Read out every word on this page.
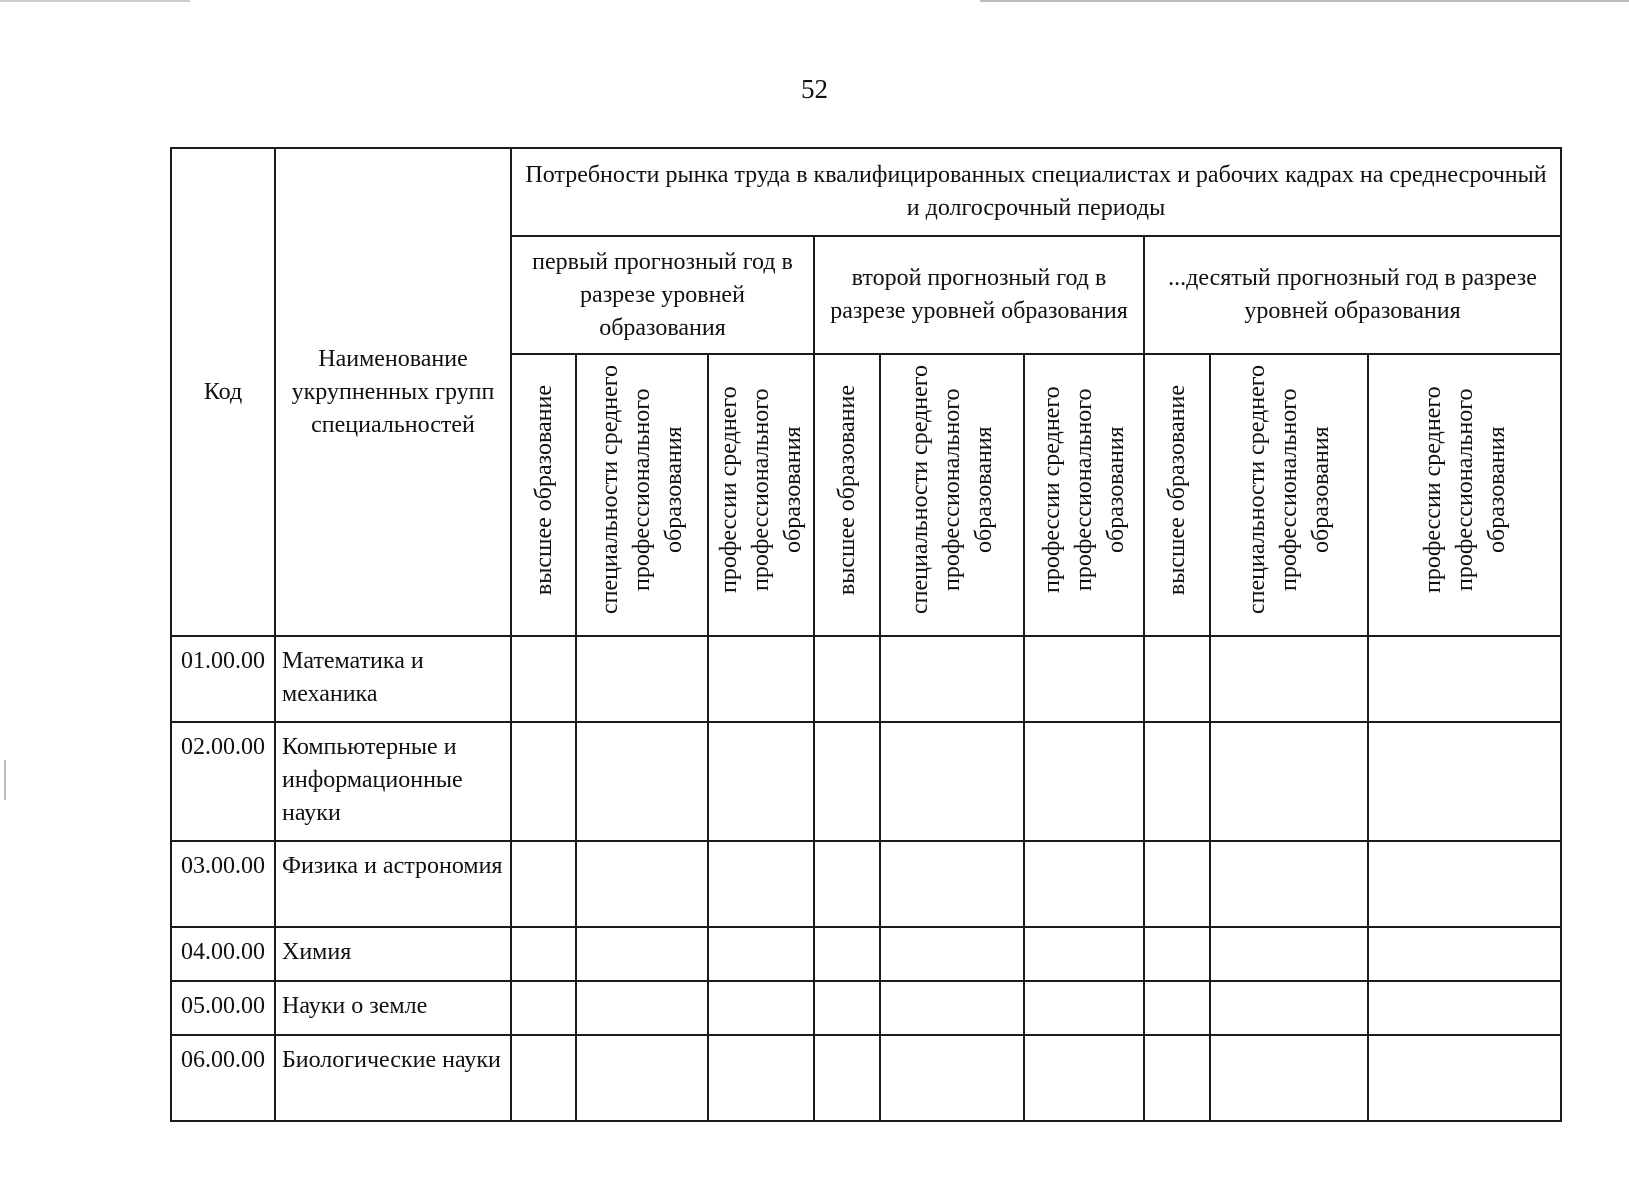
52
Код	Наименование укрупненных групп специальностей	Потребности рынка труда в квалифицированных специалистах и рабочих кадрах на среднесрочный и долгосрочный периоды								
		первый прогнозный год в разрезе уровней образования			второй прогнозный год в разрезе уровней образования			...десятый прогнозный год в разрезе уровней образования		
		высшее образование	специальности среднего профессионального образования	профессии среднего профессионального образования	высшее образование	специальности среднего профессионального образования	профессии среднего профессионального образования	высшее образование	специальности среднего профессионального образования	профессии среднего профессионального образования
01.00.00	Математика и механика									
02.00.00	Компьютерные и информационные науки									
03.00.00	Физика и астрономия									
04.00.00	Химия									
05.00.00	Науки о земле									
06.00.00	Биологические науки									
